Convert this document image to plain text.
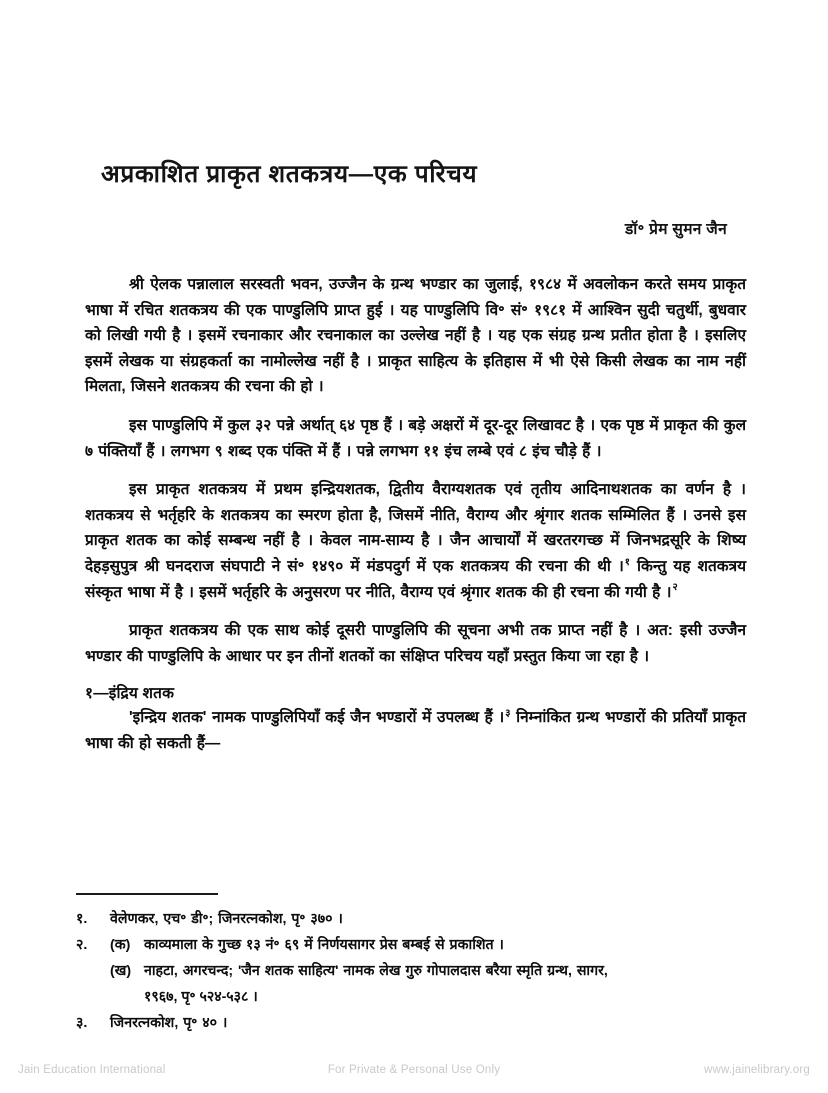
अप्रकाशित प्राकृत शतकत्रय—एक परिचय
डॉ॰ प्रेम सुमन जैन

श्री ऐलक पन्नालाल सरस्वती भवन, उज्जैन के ग्रन्थ भण्डार का जुलाई, १९८४ में अवलोकन करते समय प्राकृत भाषा में रचित शतकत्रय की एक पाण्डुलिपि प्राप्त हुई । यह पाण्डुलिपि वि॰ सं॰ १९८१ में आश्विन सुदी चतुर्थी, बुधवार को लिखी गयी है । इसमें रचनाकार और रचनाकाल का उल्लेख नहीं है । यह एक संग्रह ग्रन्थ प्रतीत होता है । इसलिए इसमें लेखक या संग्रहकर्ता का नामोल्लेख नहीं है । प्राकृत साहित्य के इतिहास में भी ऐसे किसी लेखक का नाम नहीं मिलता, जिसने शतकत्रय की रचना की हो ।

इस पाण्डुलिपि में कुल ३२ पन्ने अर्थात् ६४ पृष्ठ हैं । बड़े अक्षरों में दूर-दूर लिखावट है । एक पृष्ठ में प्राकृत की कुल ७ पंक्तियाँ हैं । लगभग ९ शब्द एक पंक्ति में हैं । पन्ने लगभग ११ इंच लम्बे एवं ८ इंच चौड़े हैं ।

इस प्राकृत शतकत्रय में प्रथम इन्द्रियशतक, द्वितीय वैराग्यशतक एवं तृतीय आदिनाथशतक का वर्णन है । शतकत्रय से भर्तृहरि के शतकत्रय का स्मरण होता है, जिसमें नीति, वैराग्य और श्रृंगार शतक सम्मिलित हैं । उनसे इस प्राकृत शतक का कोई सम्बन्ध नहीं है । केवल नाम-साम्य है । जैन आचार्यों में खरतरगच्छ में जिनभद्रसूरि के शिष्य देहड़सुपुत्र श्री घनदराज संघपाटी ने सं॰ १४९० में मंडपदुर्ग में एक शतकत्रय की रचना की थी ।$^१$ किन्तु यह शतकत्रय संस्कृत भाषा में है । इसमें भर्तृहरि के अनुसरण पर नीति, वैराग्य एवं श्रृंगार शतक की ही रचना की गयी है ।$^२$

प्राकृत शतकत्रय की एक साथ कोई दूसरी पाण्डुलिपि की सूचना अभी तक प्राप्त नहीं है । अत: इसी उज्जैन भण्डार की पाण्डुलिपि के आधार पर इन तीनों शतकों का संक्षिप्त परिचय यहाँ प्रस्तुत किया जा रहा है ।

१—इंद्रिय शतक

'इन्द्रिय शतक' नामक पाण्डुलिपियाँ कई जैन भण्डारों में उपलब्ध हैं ।$^३$ निम्नांकित ग्रन्थ भण्डारों की प्रतियाँ प्राकृत भाषा की हो सकती हैं—

१.	वेलेणकर, एच॰ डी॰; जिनरत्नकोश, पृ॰ ३७० ।
२.	(क) काव्यमाला के गुच्छ १३ नं॰ ६९ में निर्णयसागर प्रेस बम्बई से प्रकाशित ।
(ख) नाहटा, अगरचन्द; 'जैन शतक साहित्य' नामक लेख गुरु गोपालदास बरैया स्मृति ग्रन्थ, सागर,
१९६७, पृ॰ ५२४-५३८ ।
३.	जिनरत्नकोश, पृ॰ ४० ।
Jain Education International	For Private & Personal Use Only	www.jainelibrary.org
